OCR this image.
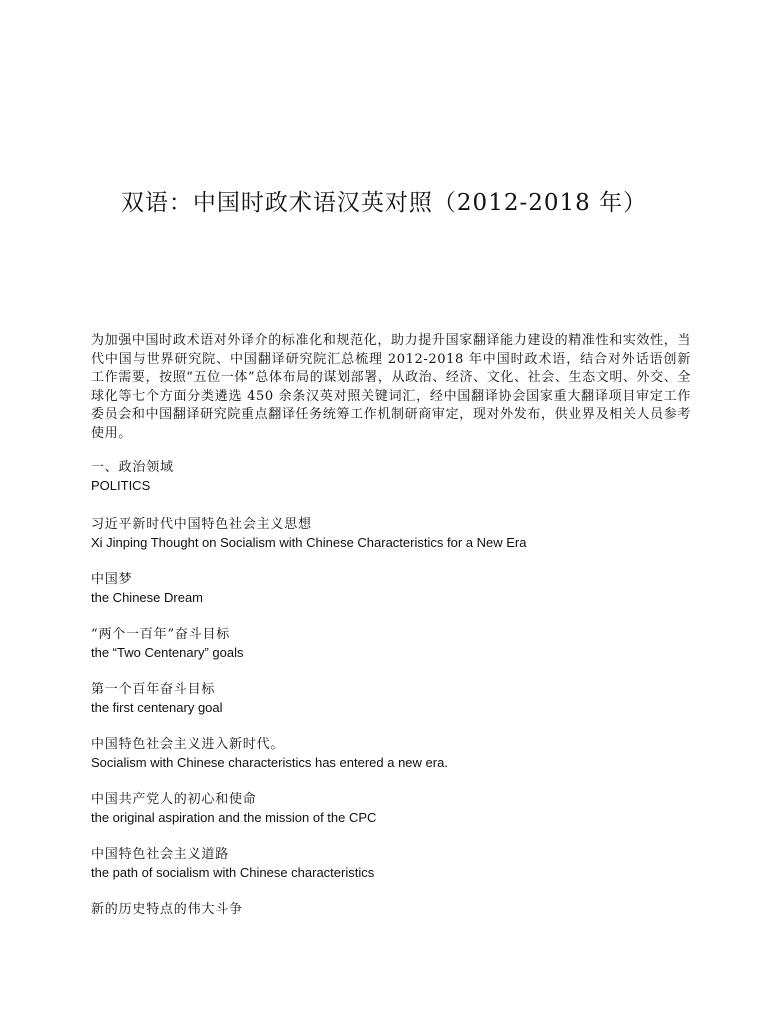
双语：中国时政术语汉英对照（2012-2018 年）

为加强中国时政术语对外译介的标准化和规范化，助力提升国家翻译能力建设的精准性和实效性，当代中国与世界研究院、中国翻译研究院汇总梳理 2012-2018 年中国时政术语，结合对外话语创新工作需要，按照“五位一体”总体布局的谋划部署，从政治、经济、文化、社会、生态文明、外交、全球化等七个方面分类遴选 450 余条汉英对照关键词汇，经中国翻译协会国家重大翻译项目审定工作委员会和中国翻译研究院重点翻译任务统筹工作机制研商审定，现对外发布，供业界及相关人员参考使用。

一、政治领域
POLITICS
习近平新时代中国特色社会主义思想
Xi Jinping Thought on Socialism with Chinese Characteristics for a New Era
中国梦
the Chinese Dream
“两个一百年”奋斗目标
the “Two Centenary” goals
第一个百年奋斗目标
the first centenary goal
中国特色社会主义进入新时代。
Socialism with Chinese characteristics has entered a new era.
中国共产党人的初心和使命
the original aspiration and the mission of the CPC
中国特色社会主义道路
the path of socialism with Chinese characteristics
新的历史特点的伟大斗争
